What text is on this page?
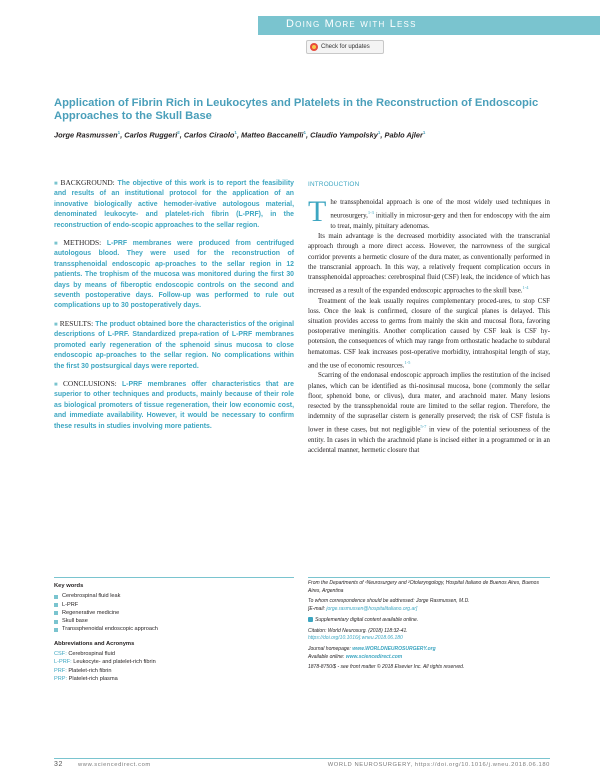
Doing More with Less
Check for updates
Application of Fibrin Rich in Leukocytes and Platelets in the Reconstruction of Endoscopic Approaches to the Skull Base
Jorge Rasmussen$^1$, Carlos Ruggeri$^2$, Carlos Ciraolo$^1$, Matteo Baccanelli$^1$, Claudio Yampolsky$^1$, Pablo Ajler$^1$

■ BACKGROUND: The objective of this work is to report the feasibility and results of an institutional protocol for the application of an innovative biologically active hemoder-ivative autologous material, denominated leukocyte- and platelet-rich fibrin (L-PRF), in the reconstruction of endo-scopic approaches to the sellar region.

■ METHODS: L-PRF membranes were produced from centrifuged autologous blood. They were used for the reconstruction of transsphenoidal endoscopic ap-proaches to the sellar region in 12 patients. The trophism of the mucosa was monitored during the first 30 days by means of fiberoptic endoscopic controls on the second and seventh postoperative days. Follow-up was performed to rule out complications up to 30 postoperatively days.

■ RESULTS: The product obtained bore the characteristics of the original descriptions of L-PRF. Standardized prepa-ration of L-PRF membranes promoted early regeneration of the sphenoid sinus mucosa to close endoscopic ap-proaches to the sellar region. No complications within the first 30 postsurgical days were reported.

■ CONCLUSIONS: L-PRF membranes offer characteristics that are superior to other techniques and products, mainly because of their role as biological promoters of tissue regeneration, their low economic cost, and immediate availability. However, it would be necessary to confirm these results in studies involving more patients.

INTRODUCTION

The transsphenoidal approach is one of the most widely used techniques in neurosurgery,$^{1-3}$ initially in microsur-gery and then for endoscopy with the aim to treat, mainly, pituitary adenomas.

Its main advantage is the decreased morbidity associated with the transcranial approach through a more direct access. However, the narrowness of the surgical corridor prevents a hermetic closure of the dura mater, as conventionally performed in the transcranial approach. In this way, a relatively frequent complication occurs in transsphenoidal approaches: cerebrospinal fluid (CSF) leak, the incidence of which has increased as a result of the expanded endoscopic approaches to the skull base.$^{1-4}$

Treatment of the leak usually requires complementary proced-ures, to stop CSF loss. Once the leak is confirmed, closure of the surgical planes is delayed. This situation provides access to germs from mainly the skin and mucosal flora, favoring postoperative meningitis. Another complication caused by CSF leak is CSF hy-potension, the consequences of which may range from orthostatic headache to subdural hematomas. CSF leak increases post-operative morbidity, intrahospital length of stay, and the use of economic resources.$^{1-5}$

Scarring of the endonasal endoscopic approach implies the restitution of the incised planes, which can be identified as thi-nosinusal mucosa, bone (commonly the sellar floor, sphenoid bone, or clivus), dura mater, and arachnoid mater. Many lesions resected by the transsphenoidal route are limited to the sellar region. Therefore, the indemnity of the suprasellar cistern is generally preserved; the risk of CSF fistula is lower in these cases, but not negligible$^{5-7}$ in view of the potential seriousness of the entity. In cases in which the arachnoid plane is incised either in a programmed or in an accidental manner, hermetic closure that

Key words
Cerebrospinal fluid leak
L-PRF
Regenerative medicine
Skull base
Transsphenoidal endoscopic approach
Abbreviations and Acronyms
CSF: Cerebrospinal fluid
L-PRF: Leukocyte- and platelet-rich fibrin
PRF: Platelet-rich fibrin
PRP: Platelet-rich plasma
From the Departments of ¹Neurosurgery and ²Otolaryngology, Hospital Italiano de Buenos Aires, Buenos Aires, Argentina
To whom correspondence should be addressed: Jorge Rasmussen, M.D.
[E-mail: jorge.rasmussen@hospitalitaliano.org.ar]
Supplementary digital content available online.
Citation: World Neurosurg. (2018) 118:32-41.
https://doi.org/10.1016/j.wneu.2018.06.180
Journal homepage: www.WORLDNEUROSURGERY.org
Available online: www.sciencedirect.com
1878-8750/$ - see front matter © 2018 Elsevier Inc. All rights reserved.
32	www.sciencedirect.com	WORLD NEUROSURGERY, https://doi.org/10.1016/j.wneu.2018.06.180
